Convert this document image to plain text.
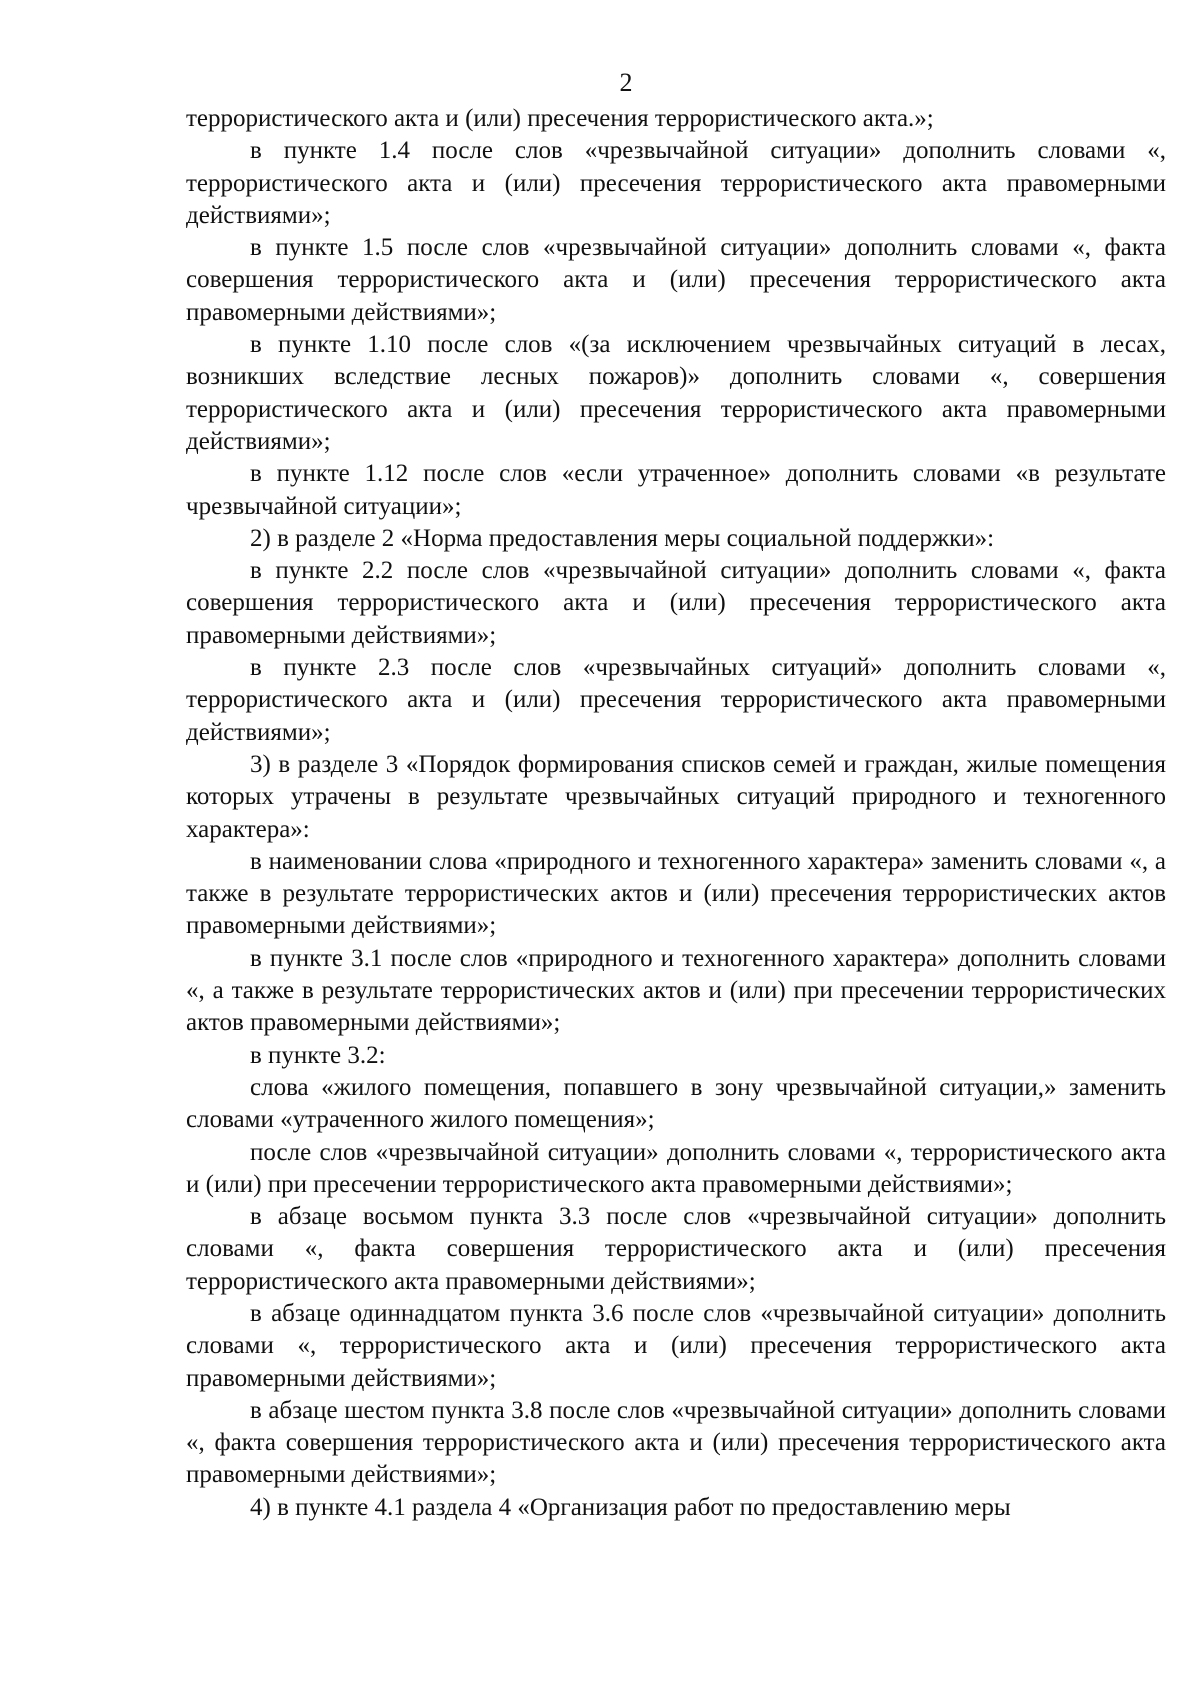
2

террористического акта и (или) пресечения террористического акта.»;

в пункте 1.4 после слов «чрезвычайной ситуации» дополнить словами «, террористического акта и (или) пресечения террористического акта правомерными действиями»;

в пункте 1.5 после слов «чрезвычайной ситуации» дополнить словами «, факта совершения террористического акта и (или) пресечения террористического акта правомерными действиями»;

в пункте 1.10 после слов «(за исключением чрезвычайных ситуаций в лесах, возникших вследствие лесных пожаров)» дополнить словами «, совершения террористического акта и (или) пресечения террористического акта правомерными действиями»;

в пункте 1.12 после слов «если утраченное» дополнить словами «в результате чрезвычайной ситуации»;

2) в разделе 2 «Норма предоставления меры социальной поддержки»:

в пункте 2.2 после слов «чрезвычайной ситуации» дополнить словами «, факта совершения террористического акта и (или) пресечения террористического акта правомерными действиями»;

в пункте 2.3 после слов «чрезвычайных ситуаций» дополнить словами «, террористического акта и (или) пресечения террористического акта правомерными действиями»;

3) в разделе 3 «Порядок формирования списков семей и граждан, жилые помещения которых утрачены в результате чрезвычайных ситуаций природного и техногенного характера»:

в наименовании слова «природного и техногенного характера» заменить словами «, а также в результате террористических актов и (или) пресечения террористических актов правомерными действиями»;

в пункте 3.1 после слов «природного и техногенного характера» дополнить словами «, а также в результате террористических актов и (или) при пресечении террористических актов правомерными действиями»;

в пункте 3.2:

слова «жилого помещения, попавшего в зону чрезвычайной ситуации,» заменить словами «утраченного жилого помещения»;

после слов «чрезвычайной ситуации» дополнить словами «, террористического акта и (или) при пресечении террористического акта правомерными действиями»;

в абзаце восьмом пункта 3.3 после слов «чрезвычайной ситуации» дополнить словами «, факта совершения террористического акта и (или) пресечения террористического акта правомерными действиями»;

в абзаце одиннадцатом пункта 3.6 после слов «чрезвычайной ситуации» дополнить словами «, террористического акта и (или) пресечения террористического акта правомерными действиями»;

в абзаце шестом пункта 3.8 после слов «чрезвычайной ситуации» дополнить словами «, факта совершения террористического акта и (или) пресечения террористического акта правомерными действиями»;

4) в пункте 4.1 раздела 4 «Организация работ по предоставлению меры
